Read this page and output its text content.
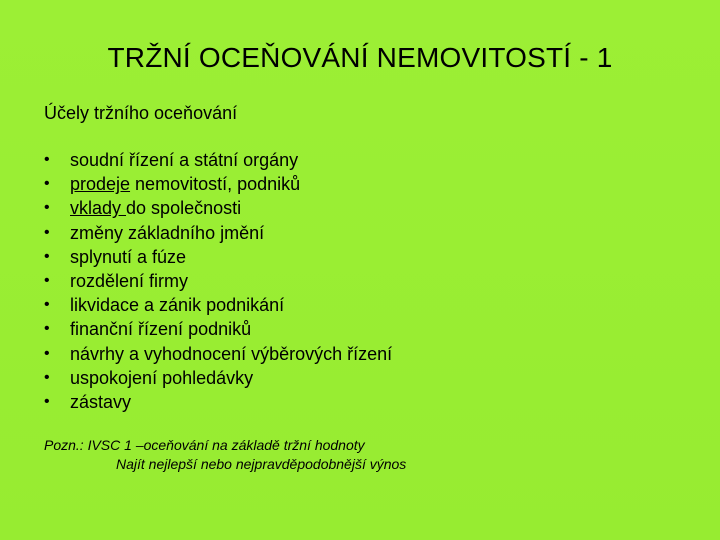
TRŽNÍ OCEŇOVÁNÍ NEMOVITOSTÍ - 1
Účely tržního oceňování
•	soudní řízení a státní orgány
•	prodeje nemovitostí, podniků
•	vklady do společnosti
•	změny základního jmění
•	splynutí a fúze
•	rozdělení firmy
•	likvidace a zánik podnikání
•	finanční řízení podniků
•	návrhy a vyhodnocení výběrových řízení
•	uspokojení pohledávky
•	zástavy
Pozn.: IVSC 1 –oceňování na základě tržní hodnoty
Najít nejlepší nebo nejpravděpodobnější výnos
